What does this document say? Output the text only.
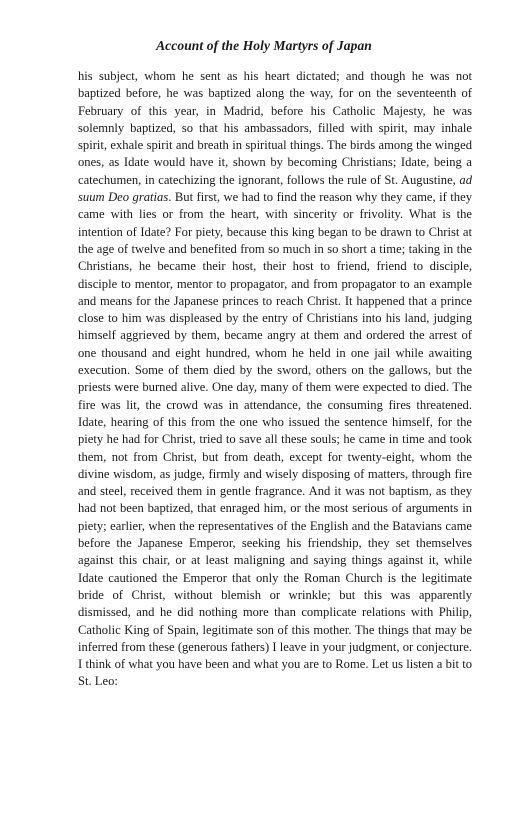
Account of the Holy Martyrs of Japan

his subject, whom he sent as his heart dictated; and though he was not baptized before, he was baptized along the way, for on the seventeenth of February of this year, in Madrid, before his Catholic Majesty, he was solemnly baptized, so that his ambassadors, filled with spirit, may inhale spirit, exhale spirit and breath in spiritual things. The birds among the winged ones, as Idate would have it, shown by becoming Christians; Idate, being a catechumen, in catechizing the ignorant, follows the rule of St. Augustine, ad suum Deo gratias. But first, we had to find the reason why they came, if they came with lies or from the heart, with sincerity or frivolity. What is the intention of Idate? For piety, because this king began to be drawn to Christ at the age of twelve and benefited from so much in so short a time; taking in the Christians, he became their host, their host to friend, friend to disciple, disciple to mentor, mentor to propagator, and from propagator to an example and means for the Japanese princes to reach Christ. It happened that a prince close to him was displeased by the entry of Christians into his land, judging himself aggrieved by them, became angry at them and ordered the arrest of one thousand and eight hundred, whom he held in one jail while awaiting execution. Some of them died by the sword, others on the gallows, but the priests were burned alive. One day, many of them were expected to died. The fire was lit, the crowd was in attendance, the consuming fires threatened. Idate, hearing of this from the one who issued the sentence himself, for the piety he had for Christ, tried to save all these souls; he came in time and took them, not from Christ, but from death, except for twenty-eight, whom the divine wisdom, as judge, firmly and wisely disposing of matters, through fire and steel, received them in gentle fragrance. And it was not baptism, as they had not been baptized, that enraged him, or the most serious of arguments in piety; earlier, when the representatives of the English and the Batavians came before the Japanese Emperor, seeking his friendship, they set themselves against this chair, or at least maligning and saying things against it, while Idate cautioned the Emperor that only the Roman Church is the legitimate bride of Christ, without blemish or wrinkle; but this was apparently dismissed, and he did nothing more than complicate relations with Philip, Catholic King of Spain, legitimate son of this mother. The things that may be inferred from these (generous fathers) I leave in your judgment, or conjecture. I think of what you have been and what you are to Rome. Let us listen a bit to St. Leo:
